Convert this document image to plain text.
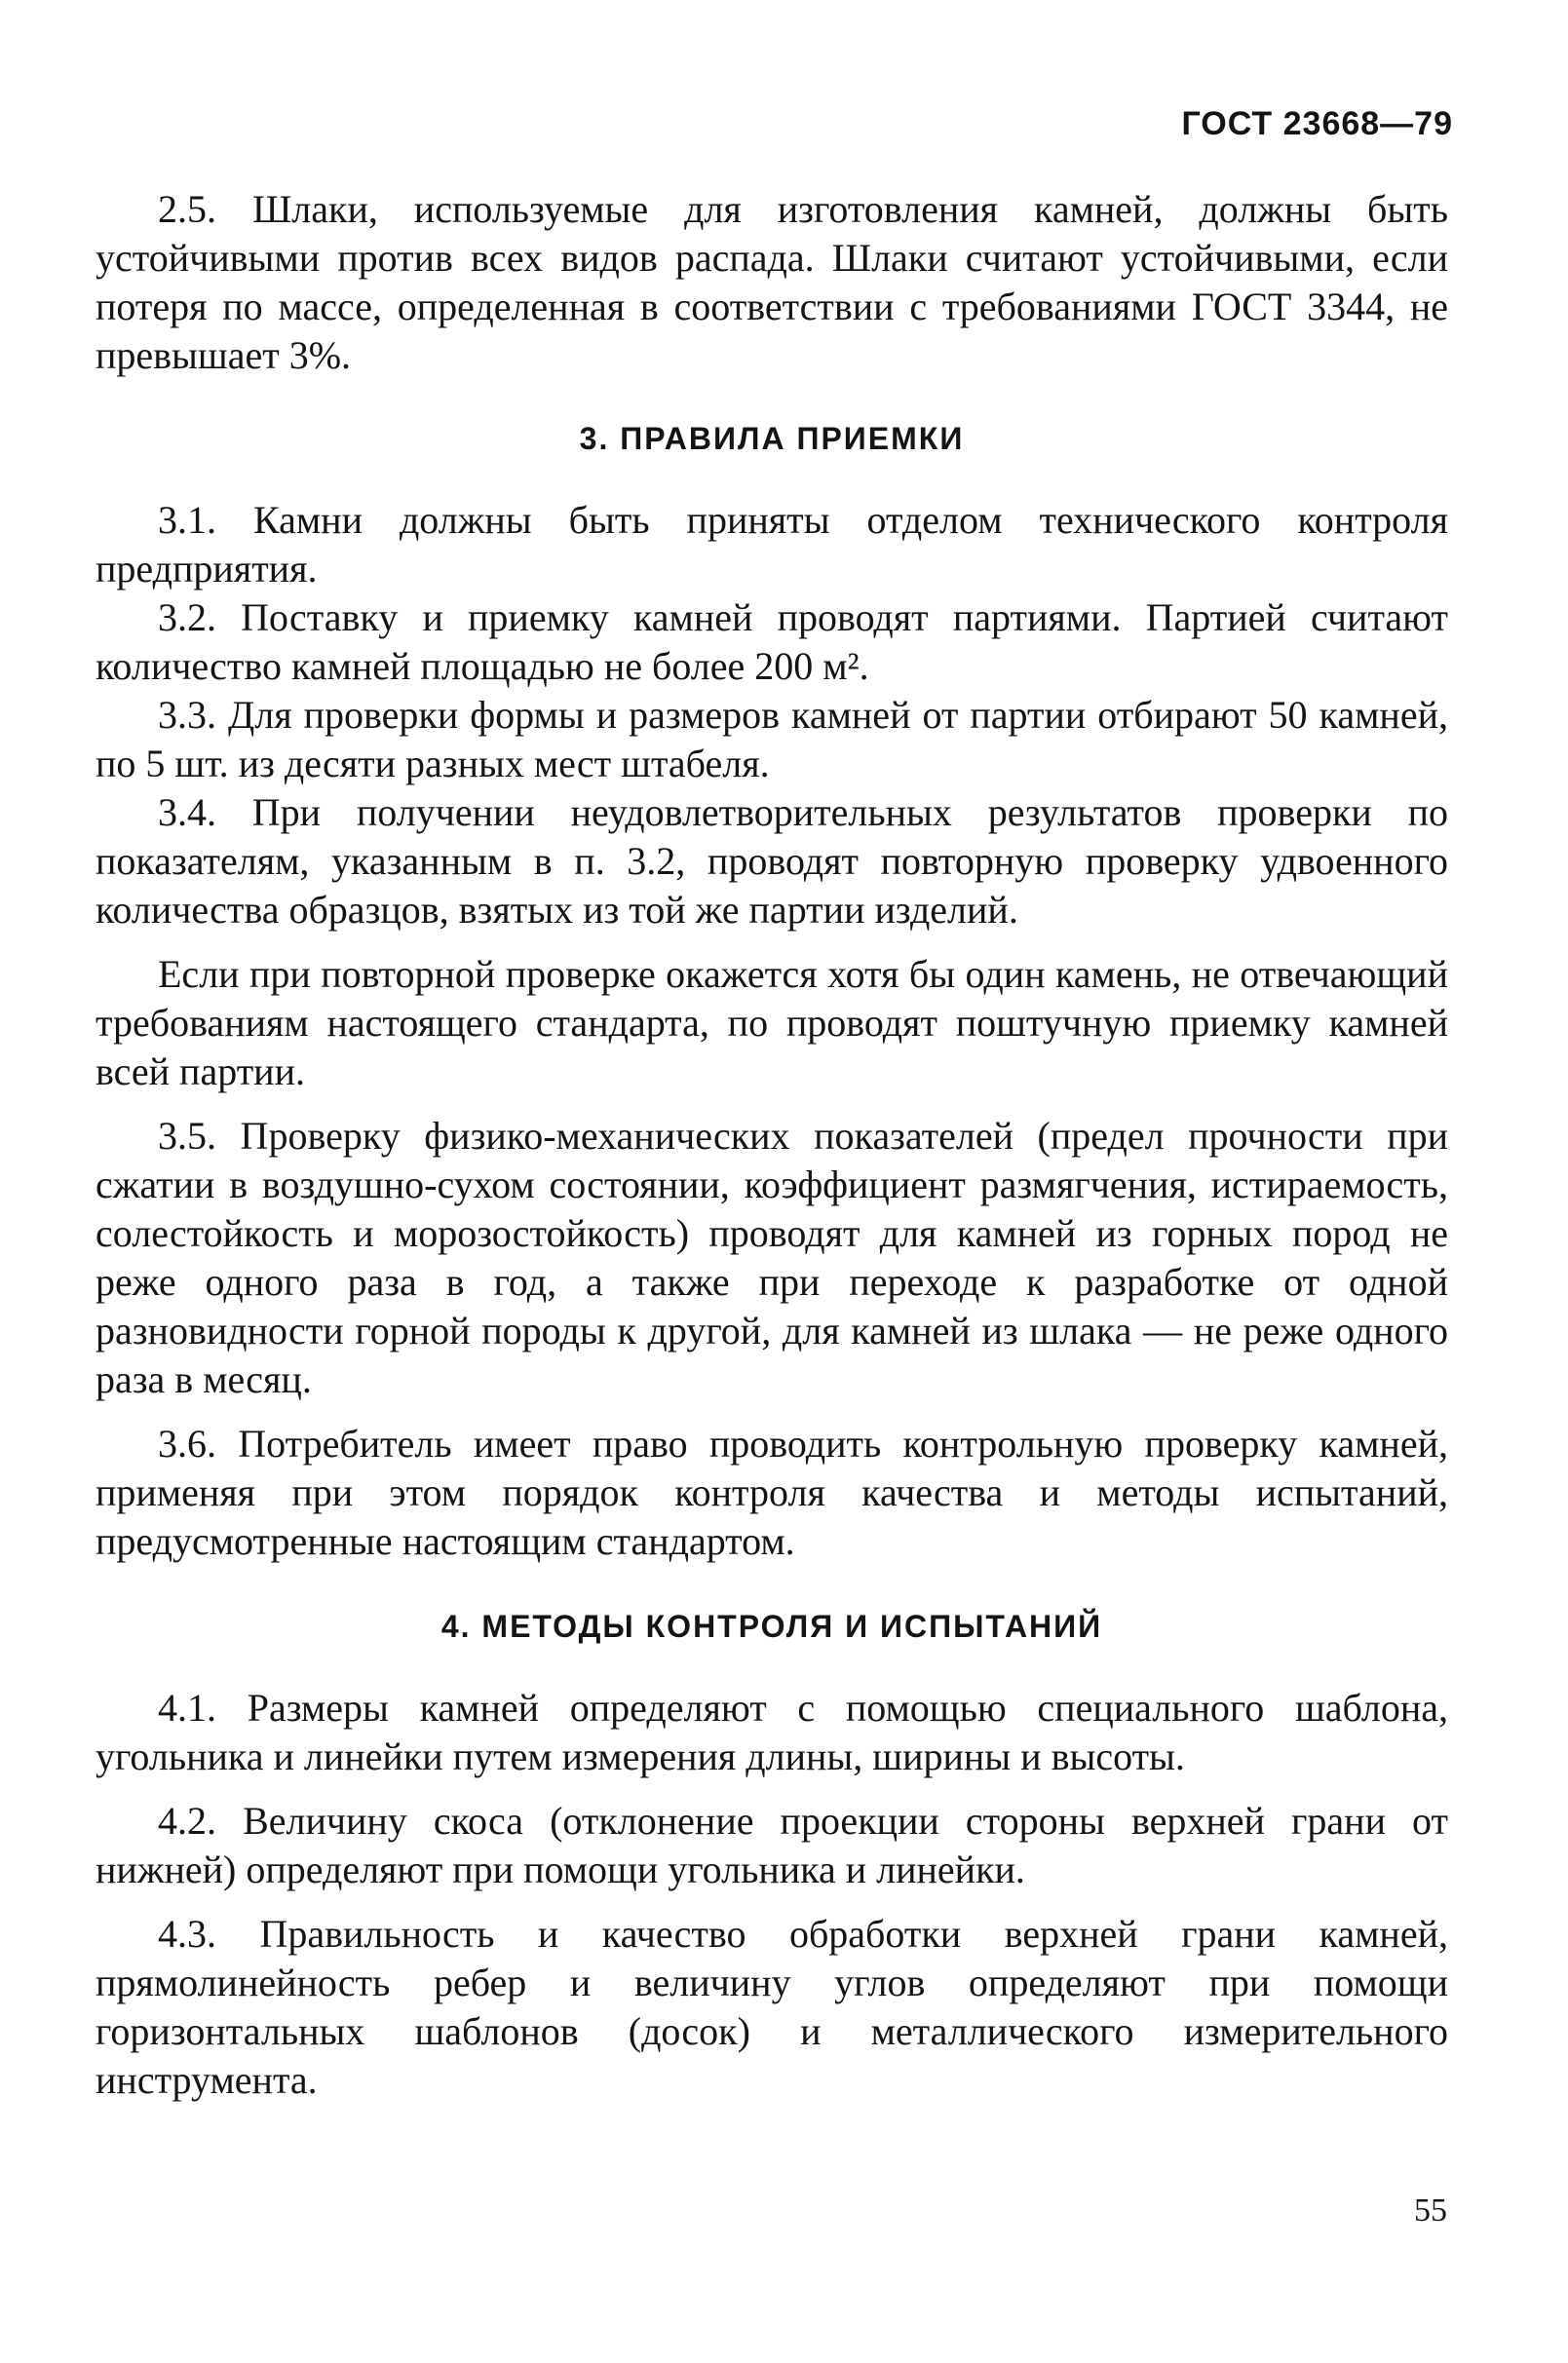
ГОСТ 23668—79

2.5. Шлаки, используемые для изготовления камней, должны быть устойчивыми против всех видов распада. Шлаки считают устойчивыми, если потеря по массе, определенная в соответствии с требованиями ГОСТ 3344, не превышает 3%.

3. ПРАВИЛА ПРИЕМКИ

3.1. Камни должны быть приняты отделом технического контроля предприятия.

3.2. Поставку и приемку камней проводят партиями. Партией считают количество камней площадью не более 200 м².

3.3. Для проверки формы и размеров камней от партии отбирают 50 камней, по 5 шт. из десяти разных мест штабеля.

3.4. При получении неудовлетворительных результатов проверки по показателям, указанным в п. 3.2, проводят повторную проверку удвоенного количества образцов, взятых из той же партии изделий.

Если при повторной проверке окажется хотя бы один камень, не отвечающий требованиям настоящего стандарта, по проводят поштучную приемку камней всей партии.

3.5. Проверку физико-механических показателей (предел прочности при сжатии в воздушно-сухом состоянии, коэффициент размягчения, истираемость, солестойкость и морозостойкость) проводят для камней из горных пород не реже одного раза в год, а также при переходе к разработке от одной разновидности горной породы к другой, для камней из шлака — не реже одного раза в месяц.

3.6. Потребитель имеет право проводить контрольную проверку камней, применяя при этом порядок контроля качества и методы испытаний, предусмотренные настоящим стандартом.

4. МЕТОДЫ КОНТРОЛЯ И ИСПЫТАНИЙ

4.1. Размеры камней определяют с помощью специального шаблона, угольника и линейки путем измерения длины, ширины и высоты.

4.2. Величину скоса (отклонение проекции стороны верхней грани от нижней) определяют при помощи угольника и линейки.

4.3. Правильность и качество обработки верхней грани камней, прямолинейность ребер и величину углов определяют при помощи горизонтальных шаблонов (досок) и металлического измерительного инструмента.

55
